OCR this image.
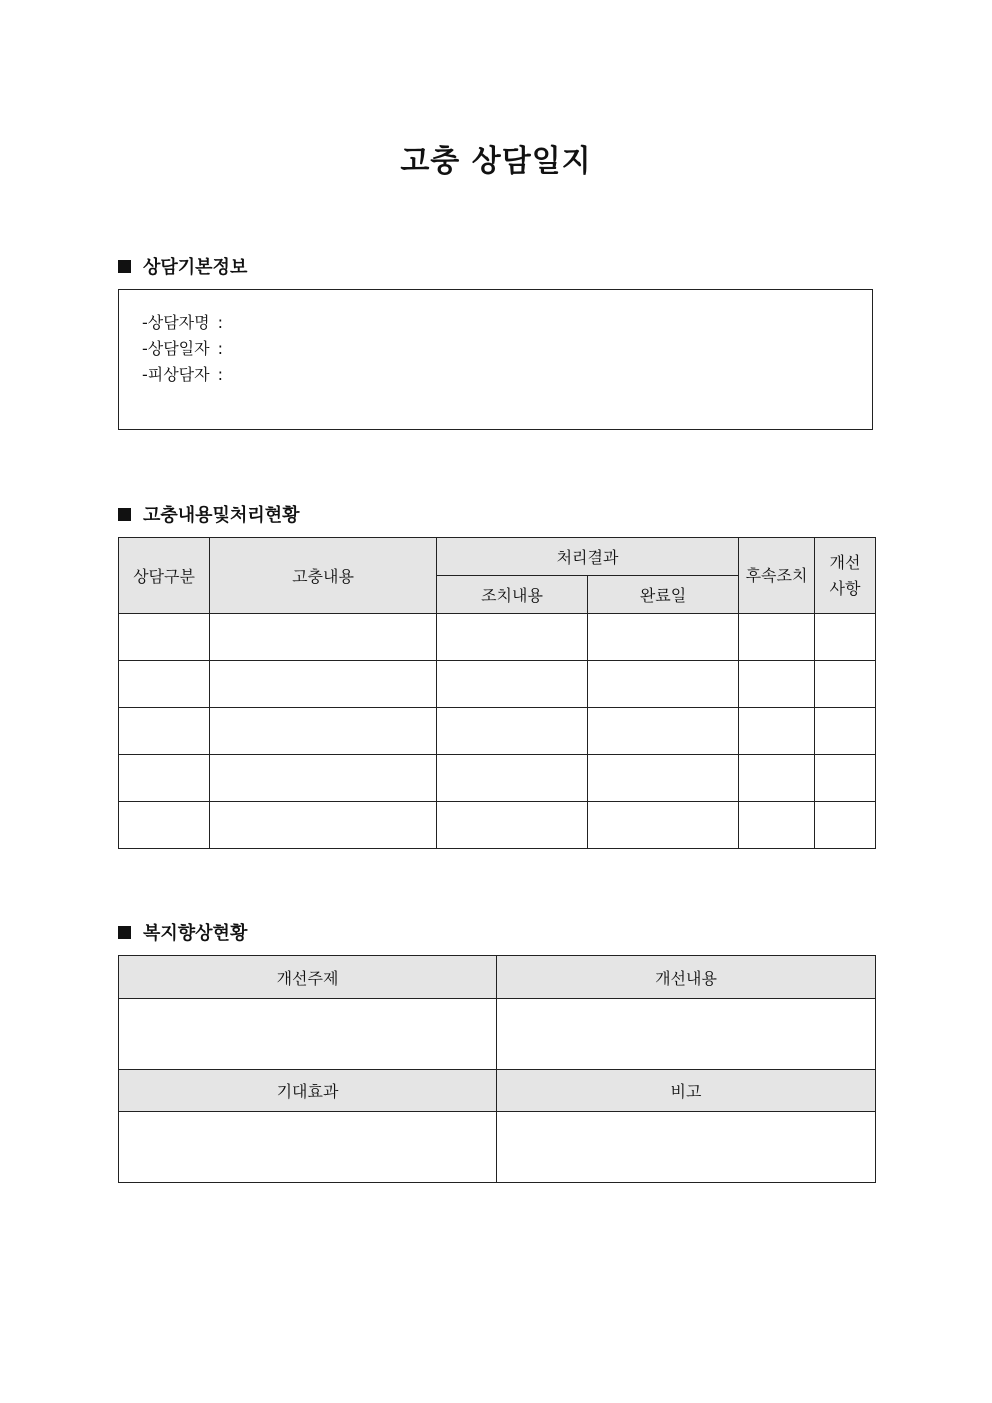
고충 상담일지
상담기본정보
-상담자명 :
-상담일자 :
-피상담자 :
고충내용및처리현황
상담구분	고충내용	처리결과		후속조치	개선사항
		조치내용	완료일		

복지향상현황
개선주제	개선내용

기대효과	비고
